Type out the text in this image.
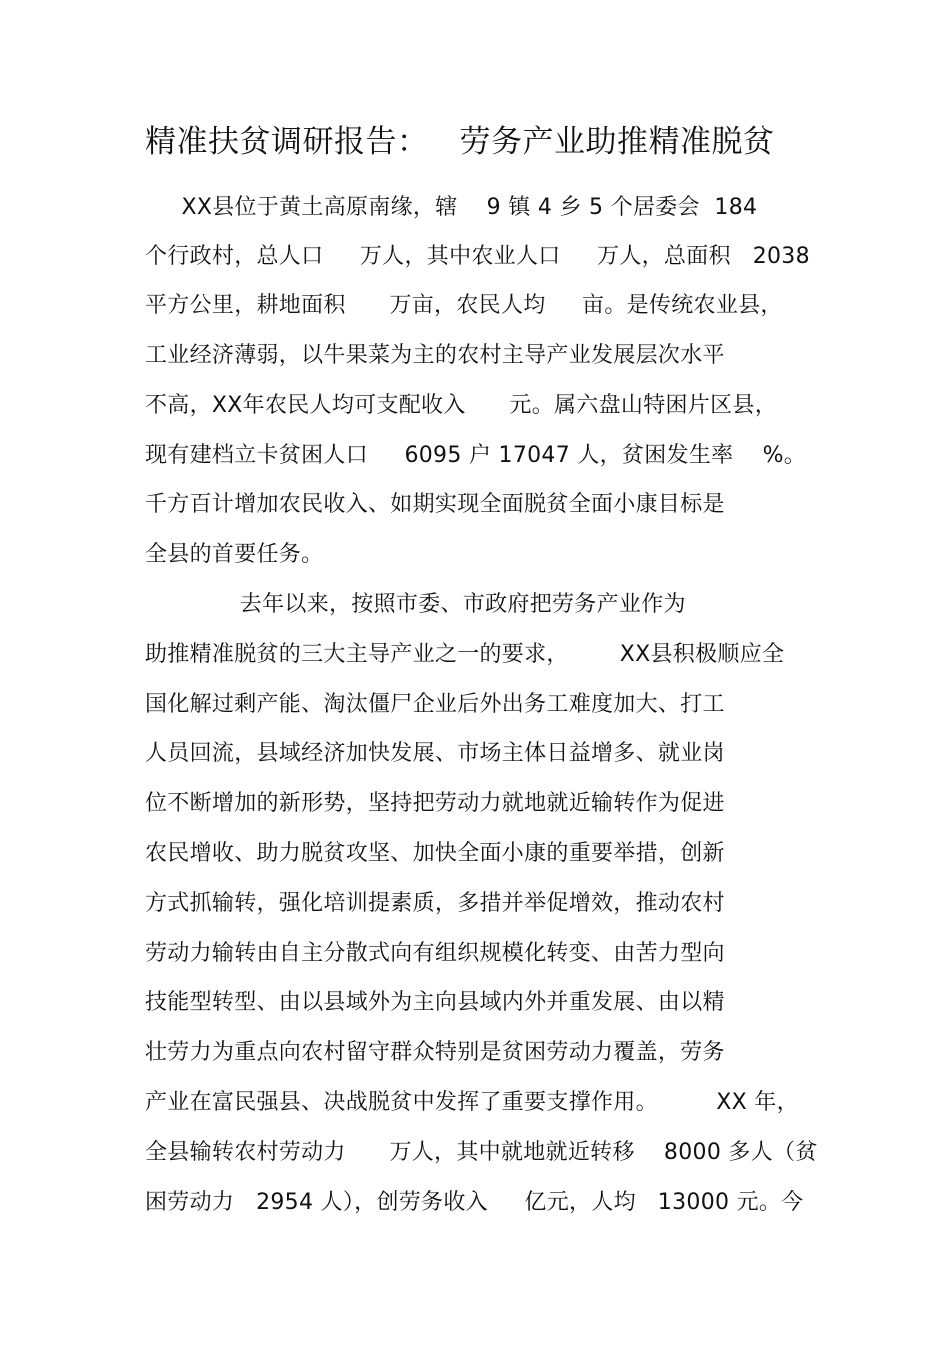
精准扶贫调研报告：   劳务产业助推精准脱贫
XX县位于黄土高原南缘，辖    9 镇 4 乡 5 个居委会  184
个行政村，总人口     万人，其中农业人口     万人，总面积   2038
平方公里，耕地面积      万亩，农民人均     亩。是传统农业县，
工业经济薄弱，以牛果菜为主的农村主导产业发展层次水平
不高，XX年农民人均可支配收入      元。属六盘山特困片区县，
现有建档立卡贫困人口     6095 户 17047 人，贫困发生率    %。
千方百计增加农民收入、如期实现全面脱贫全面小康目标是
全县的首要任务。
去年以来，按照市委、市政府把劳务产业作为
助推精准脱贫的三大主导产业之一的要求，       XX县积极顺应全
国化解过剩产能、淘汰僵尸企业后外出务工难度加大、打工
人员回流，县域经济加快发展、市场主体日益增多、就业岗
位不断增加的新形势，坚持把劳动力就地就近输转作为促进
农民增收、助力脱贫攻坚、加快全面小康的重要举措，创新
方式抓输转，强化培训提素质，多措并举促增效，推动农村
劳动力输转由自主分散式向有组织规模化转变、由苦力型向
技能型转型、由以县域外为主向县域内外并重发展、由以精
壮劳力为重点向农村留守群众特别是贫困劳动力覆盖，劳务
产业在富民强县、决战脱贫中发挥了重要支撑作用。        XX 年，
全县输转农村劳动力      万人，其中就地就近转移    8000 多人（贫
困劳动力   2954 人），创劳务收入     亿元，人均   13000 元。今
